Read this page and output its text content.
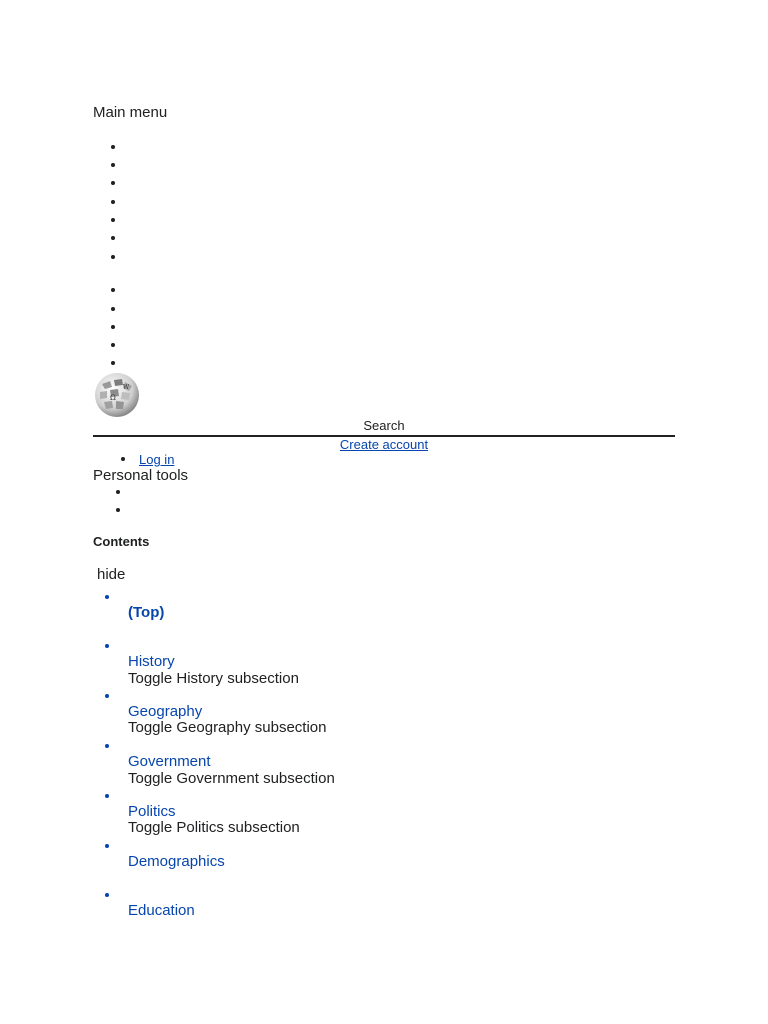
Main menu
Ω
W
Search
Create account
Log in
Personal tools
Contents
hide
(Top)
History
Toggle History subsection
Geography
Toggle Geography subsection
Government
Toggle Government subsection
Politics
Toggle Politics subsection
Demographics
Education
